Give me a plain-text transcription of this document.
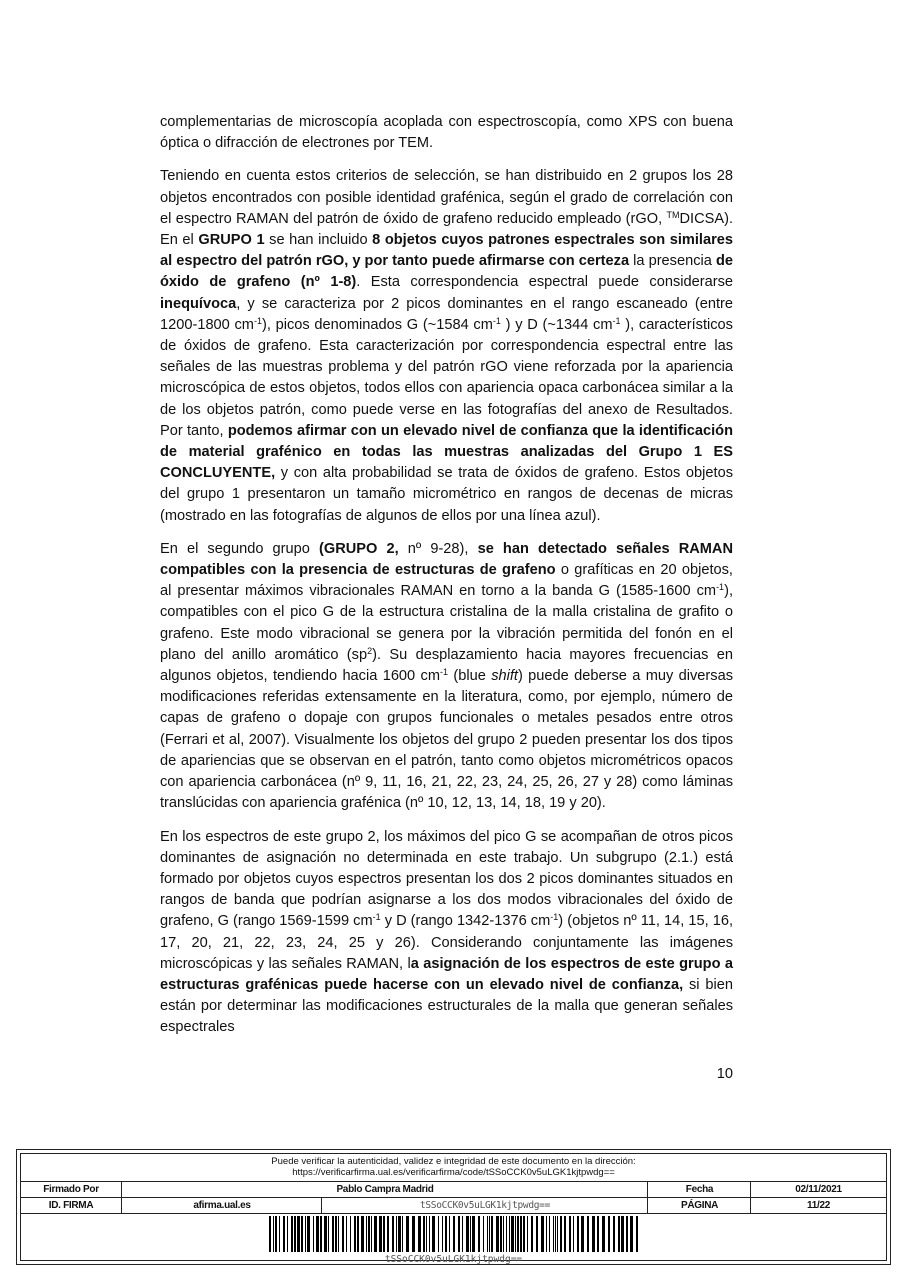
complementarias de microscopía acoplada con espectroscopía, como XPS con buena óptica o difracción de electrones por TEM.

Teniendo en cuenta estos criterios de selección, se han distribuido en 2 grupos los 28 objetos encontrados con posible identidad grafénica, según el grado de correlación con el espectro RAMAN del patrón de óxido de grafeno reducido empleado (rGO, ™DICSA). En el GRUPO 1 se han incluido 8 objetos cuyos patrones espectrales son similares al espectro del patrón rGO, y por tanto puede afirmarse con certeza la presencia de óxido de grafeno (nº 1-8). Esta correspondencia espectral puede considerarse inequívoca, y se caracteriza por 2 picos dominantes en el rango escaneado (entre 1200-1800 $cm^{-1}$), picos denominados G (~1584 $cm^{-1}$ ) y D (~1344 $cm^{-1}$ ), característicos de óxidos de grafeno. Esta caracterización por correspondencia espectral entre las señales de las muestras problema y del patrón rGO viene reforzada por la apariencia microscópica de estos objetos, todos ellos con apariencia opaca carbonácea similar a la de los objetos patrón, como puede verse en las fotografías del anexo de Resultados. Por tanto, podemos afirmar con un elevado nivel de confianza que la identificación de material grafénico en todas las muestras analizadas del Grupo 1 ES CONCLUYENTE, y con alta probabilidad se trata de óxidos de grafeno. Estos objetos del grupo 1 presentaron un tamaño micrométrico en rangos de decenas de micras (mostrado en las fotografías de algunos de ellos por una línea azul).

En el segundo grupo (GRUPO 2, nº 9-28), se han detectado señales RAMAN compatibles con la presencia de estructuras de grafeno o grafíticas en 20 objetos, al presentar máximos vibracionales RAMAN en torno a la banda G (1585-1600 $cm^{-1}$), compatibles con el pico G de la estructura cristalina de la malla cristalina de grafito o grafeno. Este modo vibracional se genera por la vibración permitida del fonón en el plano del anillo aromático $(sp^2)$. Su desplazamiento hacia mayores frecuencias en algunos objetos, tendiendo hacia 1600 $cm^{-1}$ (blue shift) puede deberse a muy diversas modificaciones referidas extensamente en la literatura, como, por ejemplo, número de capas de grafeno o dopaje con grupos funcionales o metales pesados entre otros (Ferrari et al, 2007). Visualmente los objetos del grupo 2 pueden presentar los dos tipos de apariencias que se observan en el patrón, tanto como objetos micrométricos opacos con apariencia carbonácea (nº 9, 11, 16, 21, 22, 23, 24, 25, 26, 27 y 28) como láminas translúcidas con apariencia grafénica (nº 10, 12, 13, 14, 18, 19 y 20).

En los espectros de este grupo 2, los máximos del pico G se acompañan de otros picos dominantes de asignación no determinada en este trabajo. Un subgrupo (2.1.) está formado por objetos cuyos espectros presentan los dos 2 picos dominantes situados en rangos de banda que podrían asignarse a los dos modos vibracionales del óxido de grafeno, G (rango 1569-1599 $cm^{-1}$ y D (rango 1342-1376 $cm^{-1}$) (objetos nº 11, 14, 15, 16, 17, 20, 21, 22, 23, 24, 25 y 26). Considerando conjuntamente las imágenes microscópicas y las señales RAMAN, la asignación de los espectros de este grupo a estructuras grafénicas puede hacerse con un elevado nivel de confianza, si bien están por determinar las modificaciones estructurales de la malla que generan señales espectrales

10
Puede verificar la autenticidad, validez e integridad de este documento en la dirección:
https://verificarfirma.ual.es/verificarfirma/code/tSSoCCK0v5uLGK1kjtpwdg==
Firmado Por	Pablo Campra Madrid	Fecha	02/11/2021
ID. FIRMA	afirma.ual.es	tSSoCCK0v5uLGK1kjtpwdg==	PÁGINA	11/22
tSSoCCK0v5uLGK1kjtpwdg==
